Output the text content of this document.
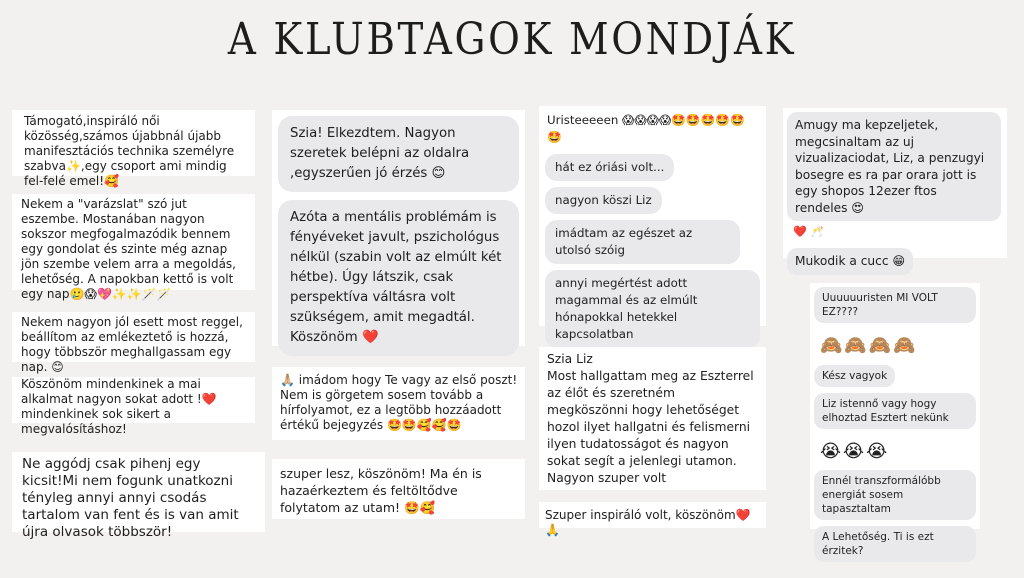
A KLUBTAGOK MONDJÁK
Támogató,inspiráló női közösség,számos újabbnál újabb manifesztációs technika személyre szabva✨,egy csoport ami mindig fel-felé emel!🥰
Nekem a "varázslat" szó jut eszembe. Mostanában nagyon sokszor megfogalmazódik bennem egy gondolat és szinte még aznap jön szembe velem arra a megoldás, lehetőség. A napokban kettő is volt egy nap🥲😱💖✨✨🪄🪄
Nekem nagyon jól esett most reggel, beállítom az emlékeztető is hozzá, hogy többször meghallgassam egy nap. 😊
Köszönöm mindenkinek a mai alkalmat nagyon sokat adott !❤️ mindenkinek sok sikert a megvalósításhoz!
Ne aggódj csak pihenj egy kicsit!Mi nem fogunk unatkozni tényleg annyi annyi csodás tartalom van fent és is van amit újra olvasok többször!
Szia! Elkezdtem. Nagyon szeretek belépni az oldalra ,egyszerűen jó érzés 😊
Azóta a mentális problémám is fényéveket javult, pszichológus nélkül (szabin volt az elmúlt két hétbe). Úgy látszik, csak perspektíva váltásra volt szükségem, amit megadtál. Köszönöm ❤️
🙏🏼 imádom hogy Te vagy az első poszt! Nem is görgetem sosem tovább a hírfolyamot, ez a legtöbb hozzáadott értékű bejegyzés 🤩🤩🥰🥰🤩
szuper lesz, köszönöm! Ma én is hazaérkeztem és feltöltődve folytatom az utam! 🤩🥰
Uristeeeeen 😱😱😱😱🤩🤩🤩🤩🤩🤩
hát ez óriási volt...
nagyon köszi Liz
imádtam az egészet az utolsó szóig
annyi megértést adott magammal és az elmúlt hónapokkal hetekkel kapcsolatban
Szia Liz
Most hallgattam meg az Eszterrel az élőt és szeretném megköszönni hogy lehetőséget hozol ilyet hallgatni és felismerni ilyen tudatosságot és nagyon sokat segít a jelenlegi utamon. Nagyon szuper volt
Szuper inspiráló volt, köszönöm❤️🙏
Amugy ma kepzeljetek, megcsinaltam az uj vizualizaciodat, Liz, a penzugyi bosegre es ra par orara jott is egy shopos 12ezer ftos rendeles 😍
❤️ 🥂
Mukodik a cucc 😁
Uuuuuuristen MI VOLT EZ????
🙈🙈🙈🙈
Kész vagyok
Liz istennő vagy hogy elhoztad Esztert nekünk
😭😭😭
Ennél transzformálóbb energiát sosem tapasztaltam
A Lehetőség. Ti is ezt érzitek?
